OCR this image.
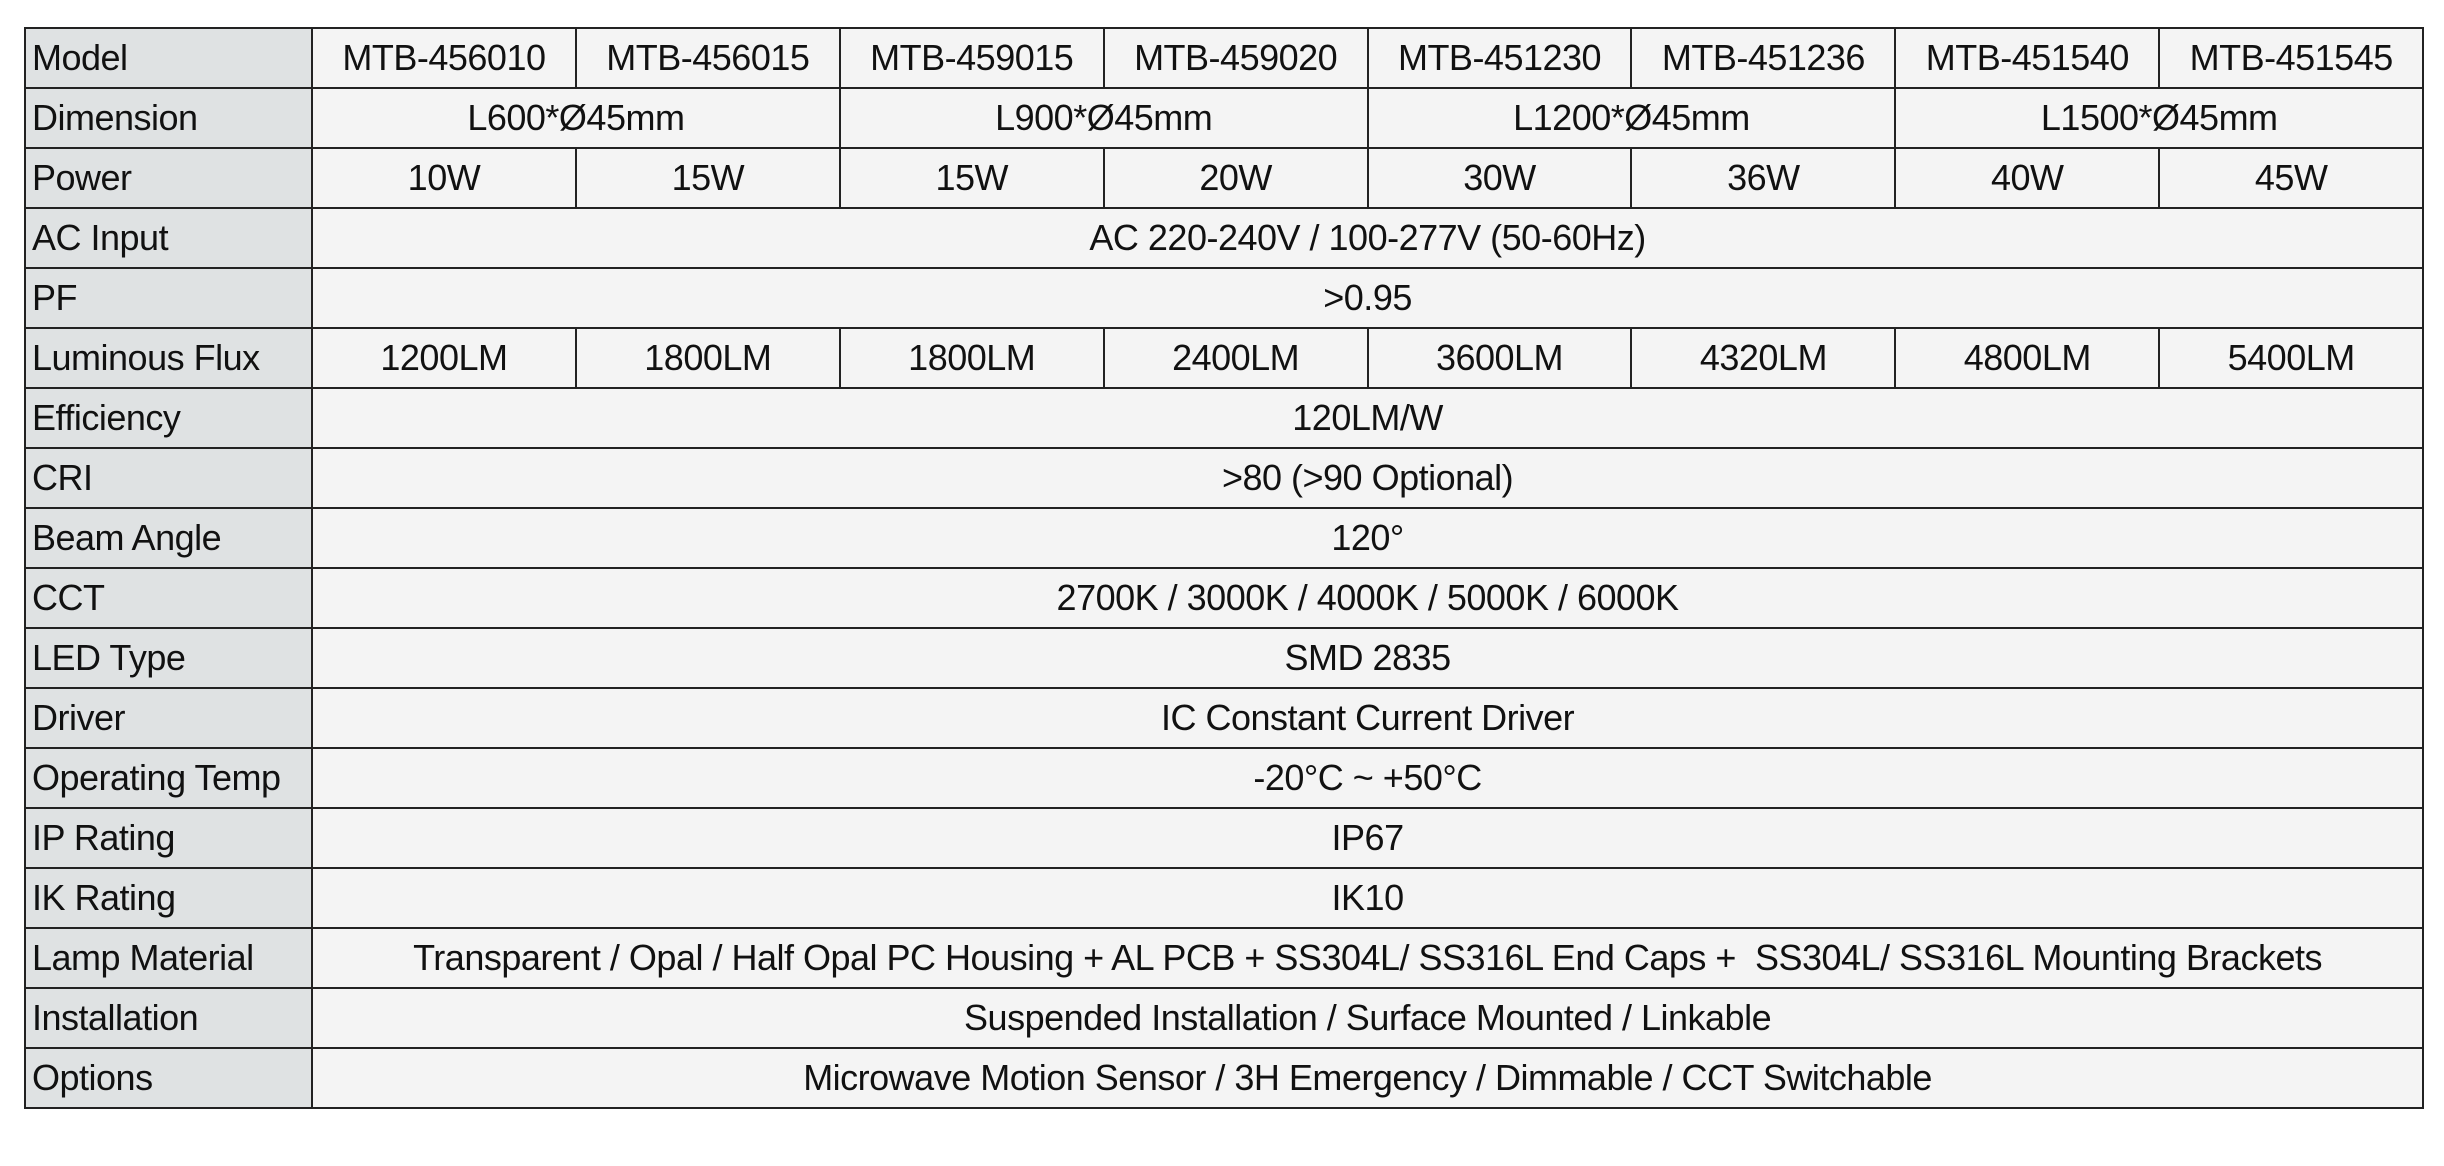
Model	MTB-456010	MTB-456015	MTB-459015	MTB-459020	MTB-451230	MTB-451236	MTB-451540	MTB-451545
Dimension	L600*Ø45mm		L900*Ø45mm		L1200*Ø45mm		L1500*Ø45mm	
Power	10W	15W	15W	20W	30W	36W	40W	45W
AC Input	AC 220-240V / 100-277V (50-60Hz)							
PF	>0.95							
Luminous Flux	1200LM	1800LM	1800LM	2400LM	3600LM	4320LM	4800LM	5400LM
Efficiency	120LM/W							
CRI	>80 (>90 Optional)							
Beam Angle	120°							
CCT	2700K / 3000K / 4000K / 5000K / 6000K							
LED Type	SMD 2835							
Driver	IC Constant Current Driver							
Operating Temp	-20°C ~ +50°C							
IP Rating	IP67							
IK Rating	IK10							
Lamp Material	Transparent / Opal / Half Opal PC Housing + AL PCB + SS304L/ SS316L End Caps +  SS304L/ SS316L Mounting Brackets							
Installation	Suspended Installation / Surface Mounted / Linkable							
Options	Microwave Motion Sensor / 3H Emergency / Dimmable / CCT Switchable							
